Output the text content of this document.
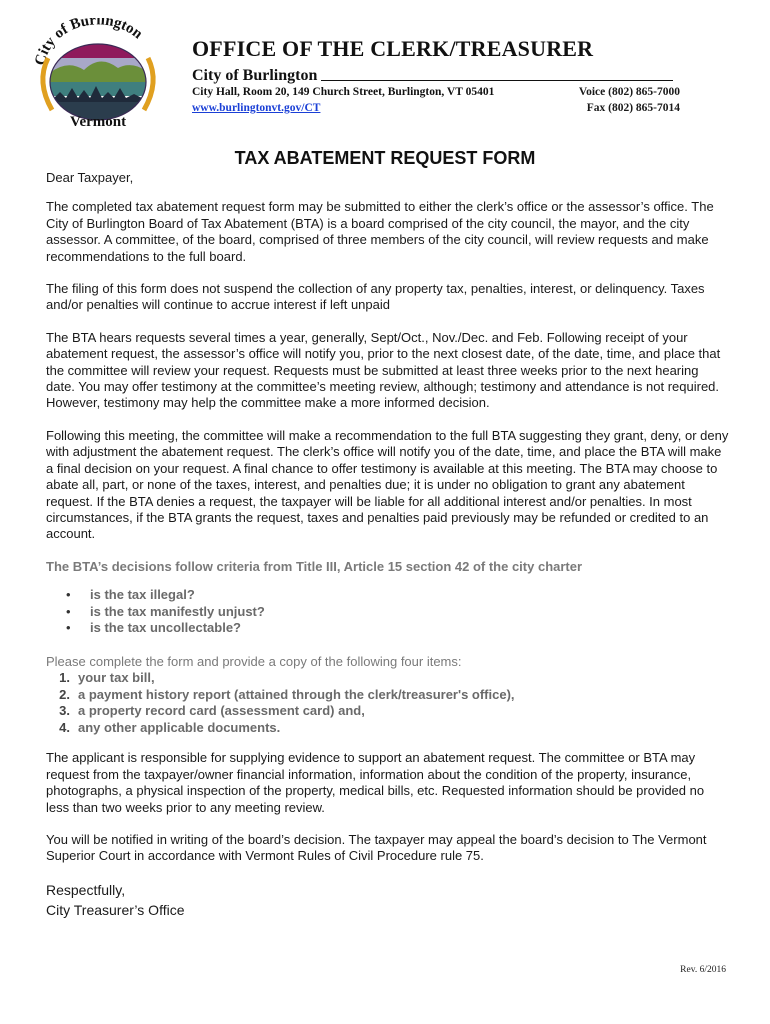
City of Burlington
Vermont
OFFICE OF THE CLERK/TREASURER
City of Burlington
City Hall, Room 20, 149 Church Street, Burlington, VT 05401
www.burlingtonvt.gov/CT
Voice (802) 865-7000
Fax (802) 865-7014
TAX ABATEMENT REQUEST FORM

Dear Taxpayer,

The completed tax abatement request form may be submitted to either the clerk’s office or the assessor’s office. The City of Burlington Board of Tax Abatement (BTA) is a board comprised of the city council, the mayor, and the city assessor. A committee, of the board, comprised of three members of the city council, will review requests and make recommendations to the full board.

The filing of this form does not suspend the collection of any property tax, penalties, interest, or delinquency. Taxes and/or penalties will continue to accrue interest if left unpaid

The BTA hears requests several times a year, generally, Sept/Oct., Nov./Dec. and Feb. Following receipt of your abatement request, the assessor’s office will notify you, prior to the next closest date, of the date, time, and place that the committee will review your request. Requests must be submitted at least three weeks prior to the next hearing date. You may offer testimony at the committee’s meeting review, although; testimony and attendance is not required. However, testimony may help the committee make a more informed decision.

Following this meeting, the committee will make a recommendation to the full BTA suggesting they grant, deny, or deny with adjustment the abatement request. The clerk’s office will notify you of the date, time, and place the BTA will make a final decision on your request. A final chance to offer testimony is available at this meeting. The BTA may choose to abate all, part, or none of the taxes, interest, and penalties due; it is under no obligation to grant any abatement request. If the BTA denies a request, the taxpayer will be liable for all additional interest and/or penalties. In most circumstances, if the BTA grants the request, taxes and penalties paid previously may be refunded or credited to an account.

The BTA’s decisions follow criteria from Title III, Article 15 section 42 of the city charter

• is the tax illegal?
• is the tax manifestly unjust?
• is the tax uncollectable?

Please complete the form and provide a copy of the following four items:

1. your tax bill,
2. a payment history report (attained through the clerk/treasurer's office),
3. a property record card (assessment card) and,
4. any other applicable documents.

The applicant is responsible for supplying evidence to support an abatement request. The committee or BTA may request from the taxpayer/owner financial information, information about the condition of the property, insurance, photographs, a physical inspection of the property, medical bills, etc. Requested information should be provided no less than two weeks prior to any meeting review.

You will be notified in writing of the board’s decision. The taxpayer may appeal the board’s decision to The Vermont Superior Court in accordance with Vermont Rules of Civil Procedure rule 75.

Respectfully,
City Treasurer’s Office
Rev. 6/2016
